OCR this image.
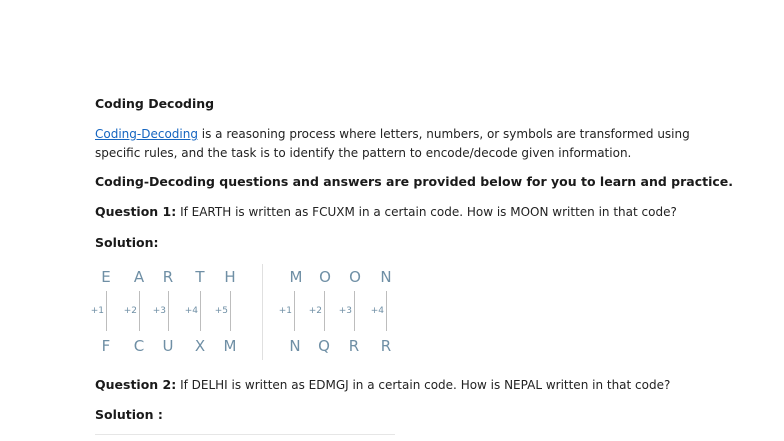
Coding Decoding
Coding-Decoding is a reasoning process where letters, numbers, or symbols are transformed using specific rules, and the task is to identify the pattern to encode/decode given information.
Coding-Decoding questions and answers are provided below for you to learn and practice.
Question 1: If EARTH is written as FCUXM in a certain code. How is MOON written in that code?
Solution:
E A R T H
+1 +2 +3 +4 +5
F C U X M
M O O N
+1 +2 +3 +4
N Q R R
Question 2: If DELHI is written as EDMGJ in a certain code. How is NEPAL written in that code?
Solution :
